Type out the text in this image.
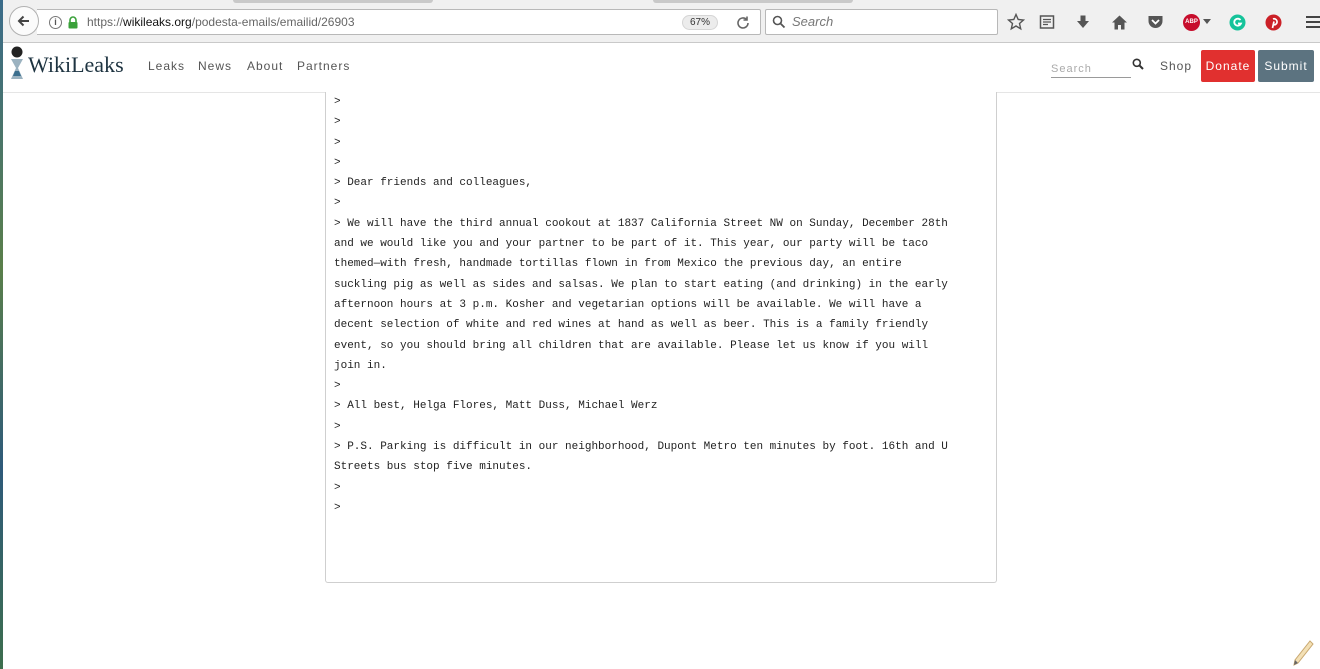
i	https://wikileaks.org/podesta-emails/emailid/26903	67%
Search	ABP
WikiLeaks Leaks News About Partners
Search	Shop	Donate	Submit
>
>
>
>
> Dear friends and colleagues,
>
> We will have the third annual cookout at 1837 California Street NW on Sunday, December 28th
and we would like you and your partner to be part of it. This year, our party will be taco
themed—with fresh, handmade tortillas flown in from Mexico the previous day, an entire
suckling pig as well as sides and salsas. We plan to start eating (and drinking) in the early
afternoon hours at 3 p.m. Kosher and vegetarian options will be available. We will have a
decent selection of white and red wines at hand as well as beer. This is a family friendly
event, so you should bring all children that are available. Please let us know if you will
join in.
>
> All best, Helga Flores, Matt Duss, Michael Werz
>
> P.S. Parking is difficult in our neighborhood, Dupont Metro ten minutes by foot. 16th and U
Streets bus stop five minutes.
>
>
